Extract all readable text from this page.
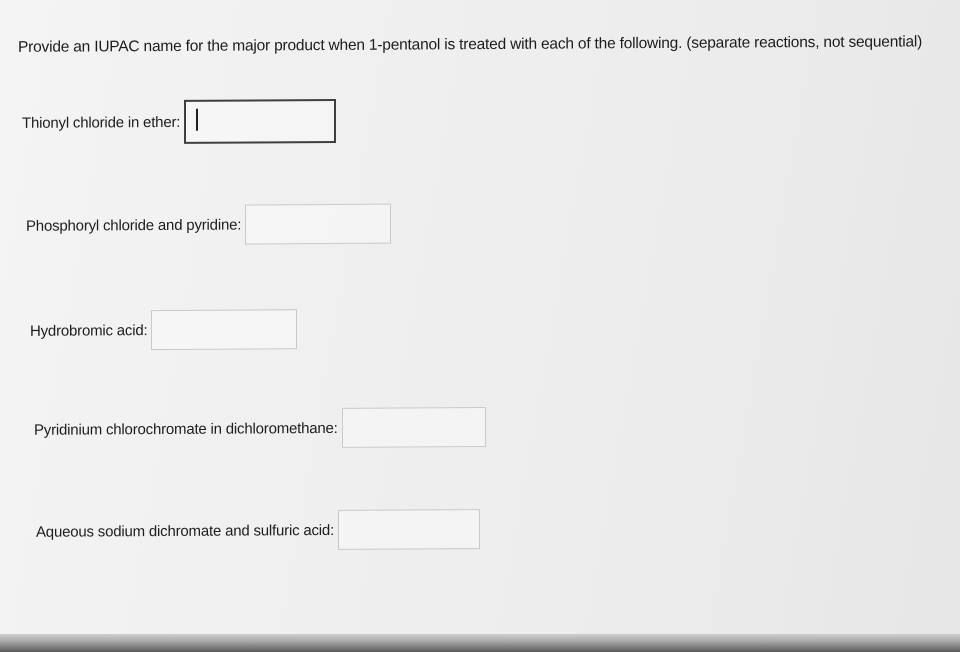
Provide an IUPAC name for the major product when 1-pentanol is treated with each of the following. (separate reactions, not sequential)
Thionyl chloride in ether:
Phosphoryl chloride and pyridine:
Hydrobromic acid:
Pyridinium chlorochromate in dichloromethane:
Aqueous sodium dichromate and sulfuric acid:
